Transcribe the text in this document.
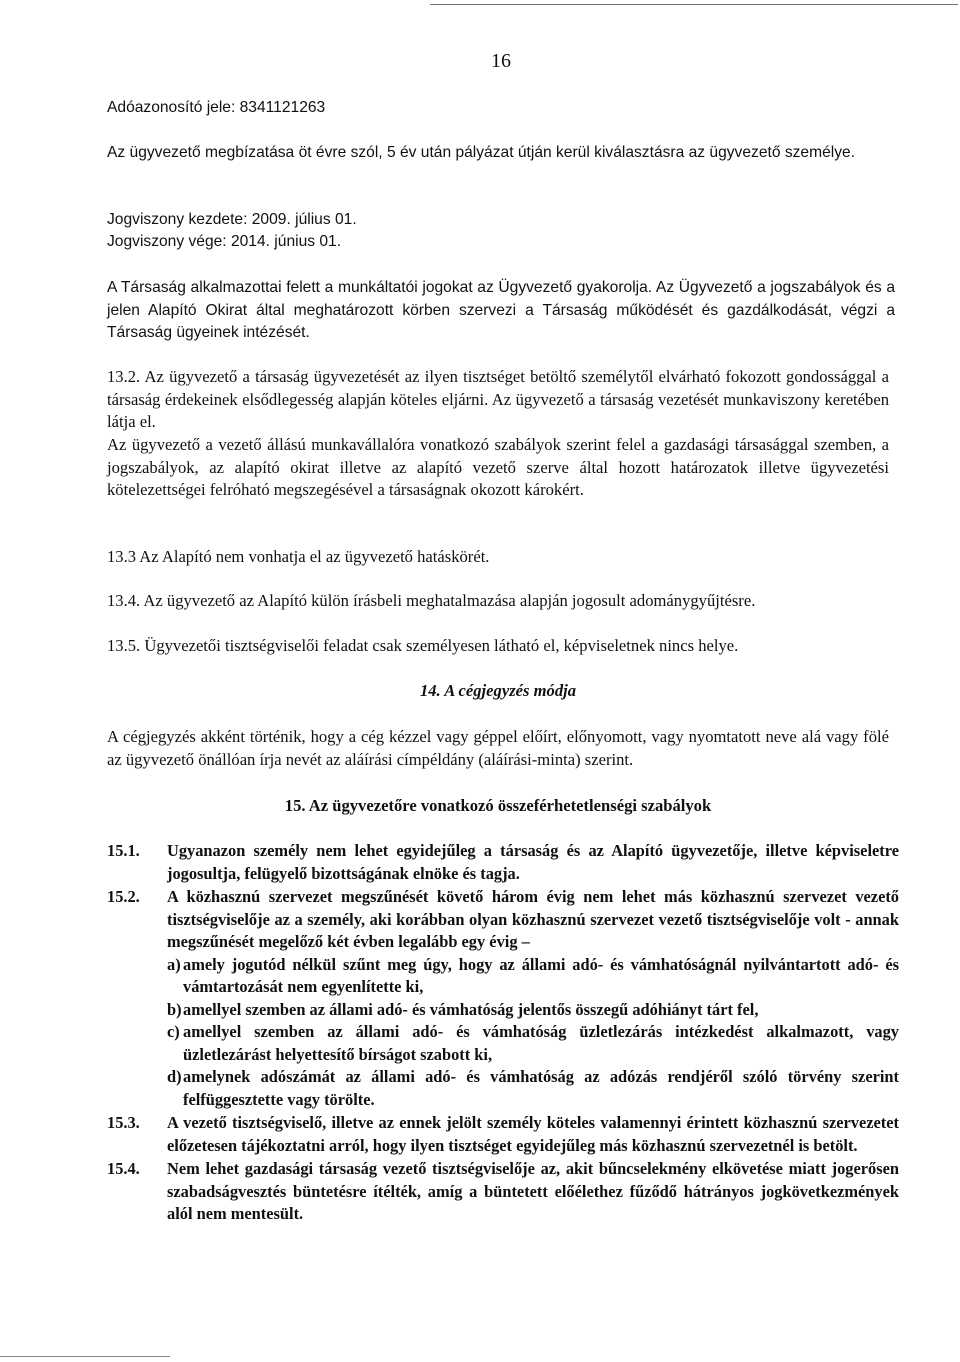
16

Adóazonosító jele: 8341121263

Az ügyvezető megbízatása öt évre szól, 5 év után pályázat útján kerül kiválasztásra az ügyvezető személye.

Jogviszony kezdete: 2009. július 01.

Jogviszony vége: 2014. június 01.

A Társaság alkalmazottai felett a munkáltatói jogokat az Ügyvezető gyakorolja. Az Ügyvezető a jogszabályok és a jelen Alapító Okirat által meghatározott körben szervezi a Társaság működését és gazdálkodását, végzi a Társaság ügyeinek intézését.

13.2. Az ügyvezető a társaság ügyvezetését az ilyen tisztséget betöltő személytől elvárható fokozott gondossággal a társaság érdekeinek elsődlegesség alapján köteles eljárni. Az ügyvezető a társaság vezetését munkaviszony keretében látja el.

Az ügyvezető a vezető állású munkavállalóra vonatkozó szabályok szerint felel a gazdasági társasággal szemben, a jogszabályok, az alapító okirat illetve az alapító vezető szerve által hozott határozatok illetve ügyvezetési kötelezettségei felróható megszegésével a társaságnak okozott károkért.

13.3 Az Alapító nem vonhatja el az ügyvezető hatáskörét.

13.4. Az ügyvezető az Alapító külön írásbeli meghatalmazása alapján jogosult adománygyűjtésre.

13.5. Ügyvezetői tisztségviselői feladat csak személyesen látható el, képviseletnek nincs helye.

14. A cégjegyzés módja

A cégjegyzés akként történik, hogy a cég kézzel vagy géppel előírt, előnyomott, vagy nyomtatott neve alá vagy fölé az ügyvezető önállóan írja nevét az aláírási címpéldány (aláírási-minta) szerint.

15. Az ügyvezetőre vonatkozó összeférhetetlenségi szabályok

15.1.	Ugyanazon személy nem lehet egyidejűleg a társaság és az Alapító ügyvezetője, illetve képviseletre jogosultja, felügyelő bizottságának elnöke és tagja.
15.2.	A közhasznú szervezet megszűnését követő három évig nem lehet más közhasznú szervezet vezető tisztségviselője az a személy, aki korábban olyan közhasznú szervezet vezető tisztségviselője volt - annak megszűnését megelőző két évben legalább egy évig –
a) amely jogutód nélkül szűnt meg úgy, hogy az állami adó- és vámhatóságnál nyilvántartott adó- és vámtartozását nem egyenlítette ki,
b) amellyel szemben az állami adó- és vámhatóság jelentős összegű adóhiányt tárt fel,
c) amellyel szemben az állami adó- és vámhatóság üzletlezárás intézkedést alkalmazott, vagy üzletlezárást helyettesítő bírságot szabott ki,
d) amelynek adószámát az állami adó- és vámhatóság az adózás rendjéről szóló törvény szerint felfüggesztette vagy törölte.
15.3.	A vezető tisztségviselő, illetve az ennek jelölt személy köteles valamennyi érintett közhasznú szervezetet előzetesen tájékoztatni arról, hogy ilyen tisztséget egyidejűleg más közhasznú szervezetnél is betölt.
15.4.	Nem lehet gazdasági társaság vezető tisztségviselője az, akit bűncselekmény elkövetése miatt jogerősen szabadságvesztés büntetésre ítélték, amíg a büntetett előélethez fűződő hátrányos jogkövetkezmények alól nem mentesült.
